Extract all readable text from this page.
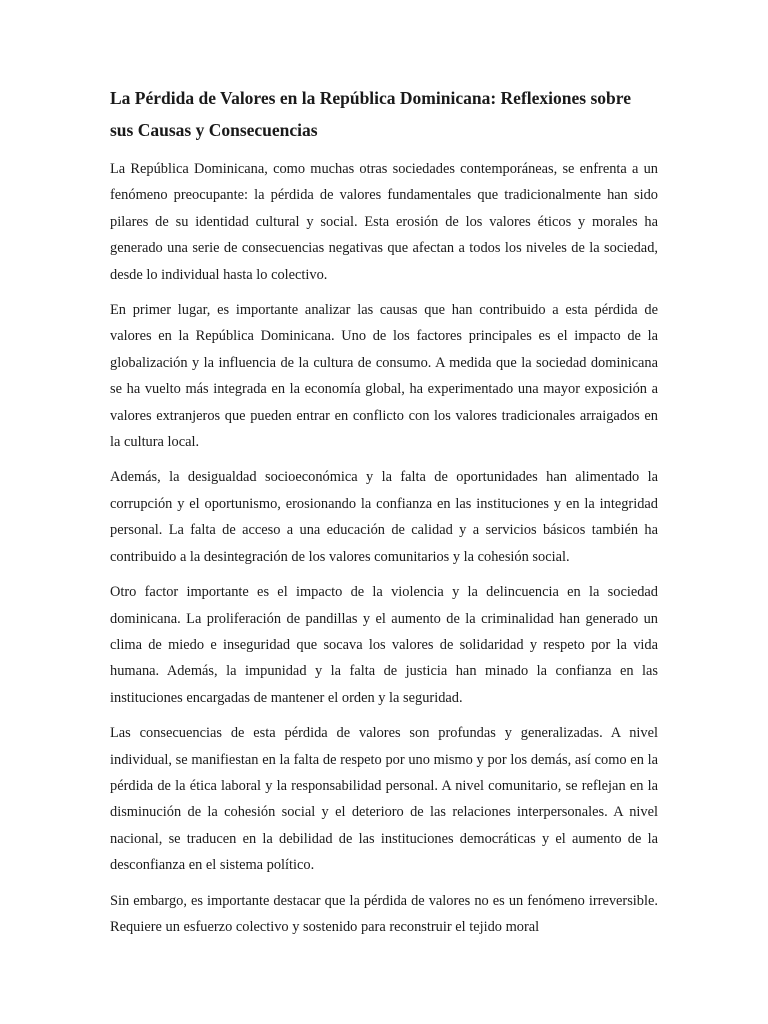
La Pérdida de Valores en la República Dominicana: Reflexiones sobre sus Causas y Consecuencias

La República Dominicana, como muchas otras sociedades contemporáneas, se enfrenta a un fenómeno preocupante: la pérdida de valores fundamentales que tradicionalmente han sido pilares de su identidad cultural y social. Esta erosión de los valores éticos y morales ha generado una serie de consecuencias negativas que afectan a todos los niveles de la sociedad, desde lo individual hasta lo colectivo.

En primer lugar, es importante analizar las causas que han contribuido a esta pérdida de valores en la República Dominicana. Uno de los factores principales es el impacto de la globalización y la influencia de la cultura de consumo. A medida que la sociedad dominicana se ha vuelto más integrada en la economía global, ha experimentado una mayor exposición a valores extranjeros que pueden entrar en conflicto con los valores tradicionales arraigados en la cultura local.

Además, la desigualdad socioeconómica y la falta de oportunidades han alimentado la corrupción y el oportunismo, erosionando la confianza en las instituciones y en la integridad personal. La falta de acceso a una educación de calidad y a servicios básicos también ha contribuido a la desintegración de los valores comunitarios y la cohesión social.

Otro factor importante es el impacto de la violencia y la delincuencia en la sociedad dominicana. La proliferación de pandillas y el aumento de la criminalidad han generado un clima de miedo e inseguridad que socava los valores de solidaridad y respeto por la vida humana. Además, la impunidad y la falta de justicia han minado la confianza en las instituciones encargadas de mantener el orden y la seguridad.

Las consecuencias de esta pérdida de valores son profundas y generalizadas. A nivel individual, se manifiestan en la falta de respeto por uno mismo y por los demás, así como en la pérdida de la ética laboral y la responsabilidad personal. A nivel comunitario, se reflejan en la disminución de la cohesión social y el deterioro de las relaciones interpersonales. A nivel nacional, se traducen en la debilidad de las instituciones democráticas y el aumento de la desconfianza en el sistema político.

Sin embargo, es importante destacar que la pérdida de valores no es un fenómeno irreversible. Requiere un esfuerzo colectivo y sostenido para reconstruir el tejido moral
